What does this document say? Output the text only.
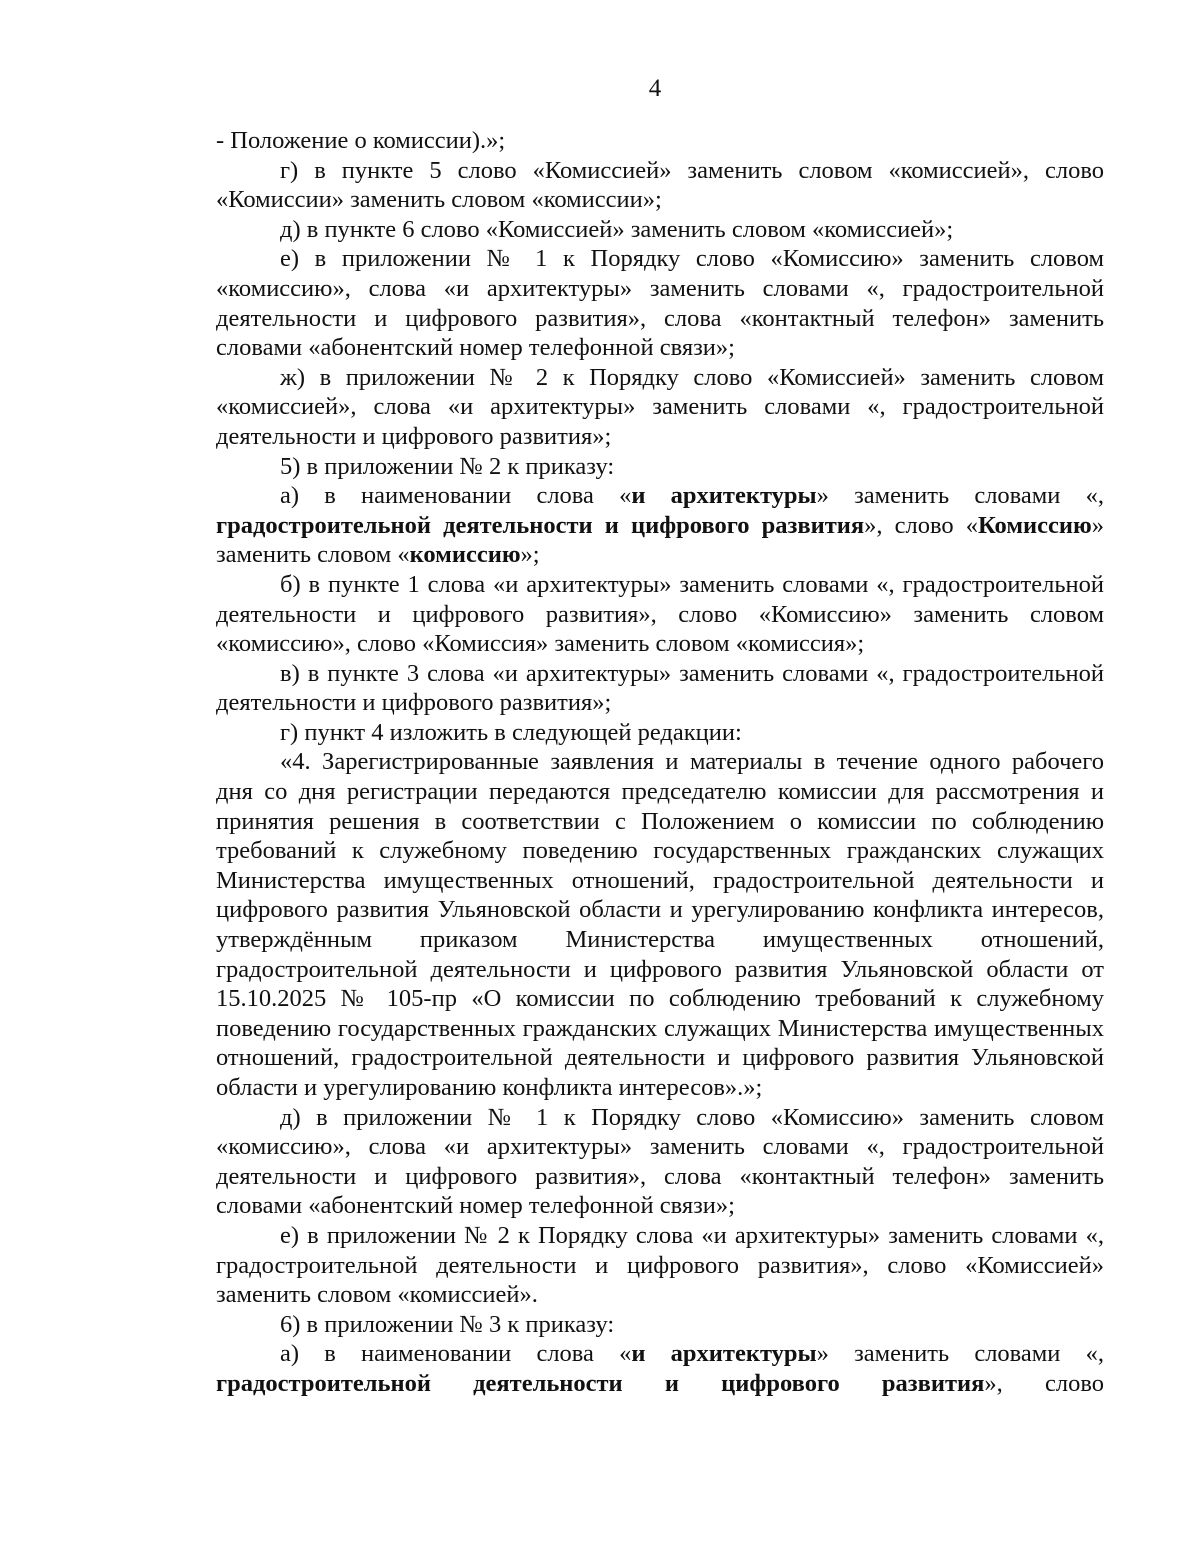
4

- Положение о комиссии).»;

г) в пункте 5 слово «Комиссией» заменить словом «комиссией», слово «Комиссии» заменить словом «комиссии»;

д) в пункте 6 слово «Комиссией» заменить словом «комиссией»;

е) в приложении № 1 к Порядку слово «Комиссию» заменить словом «комиссию», слова «и архитектуры» заменить словами «, градостроительной деятельности и цифрового развития», слова «контактный телефон» заменить словами «абонентский номер телефонной связи»;

ж) в приложении № 2 к Порядку слово «Комиссией» заменить словом «комиссией», слова «и архитектуры» заменить словами «, градостроительной деятельности и цифрового развития»;

5) в приложении № 2 к приказу:

а) в наименовании слова «и архитектуры» заменить словами «, градостроительной деятельности и цифрового развития», слово «Комиссию» заменить словом «комиссию»;

б) в пункте 1 слова «и архитектуры» заменить словами «, градостроительной деятельности и цифрового развития», слово «Комиссию» заменить словом «комиссию», слово «Комиссия» заменить словом «комиссия»;

в) в пункте 3 слова «и архитектуры» заменить словами «, градостроительной деятельности и цифрового развития»;

г) пункт 4 изложить в следующей редакции:

«4. Зарегистрированные заявления и материалы в течение одного рабочего дня со дня регистрации передаются председателю комиссии для рассмотрения и принятия решения в соответствии с Положением о комиссии по соблюдению требований к служебному поведению государственных гражданских служащих Министерства имущественных отношений, градостроительной деятельности и цифрового развития Ульяновской области и урегулированию конфликта интересов, утверждённым приказом Министерства имущественных отношений, градостроительной деятельности и цифрового развития Ульяновской области от 15.10.2025 № 105-пр «О комиссии по соблюдению требований к служебному поведению государственных гражданских служащих Министерства имущественных отношений, градостроительной деятельности и цифрового развития Ульяновской области и урегулированию конфликта интересов».»;

д) в приложении № 1 к Порядку слово «Комиссию» заменить словом «комиссию», слова «и архитектуры» заменить словами «, градостроительной деятельности и цифрового развития», слова «контактный телефон» заменить словами «абонентский номер телефонной связи»;

е) в приложении № 2 к Порядку слова «и архитектуры» заменить словами «, градостроительной деятельности и цифрового развития», слово «Комиссией» заменить словом «комиссией».

6) в приложении № 3 к приказу:

а) в наименовании слова «и архитектуры» заменить словами «, градостроительной деятельности и цифрового развития», слово
